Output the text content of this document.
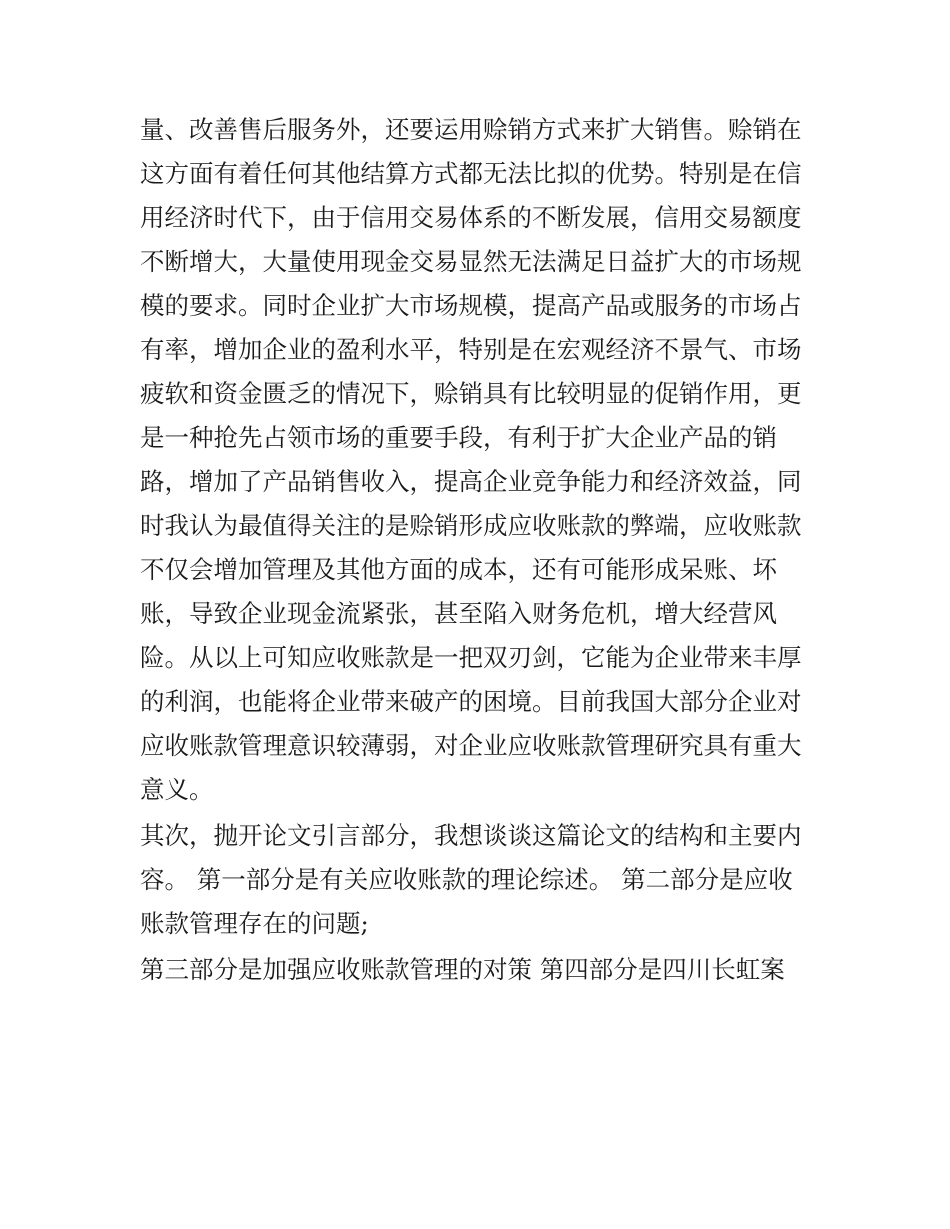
量、改善售后服务外，还要运用赊销方式来扩大销售。赊销在

这方面有着任何其他结算方式都无法比拟的优势。特别是在信

用经济时代下，由于信用交易体系的不断发展，信用交易额度

不断增大，大量使用现金交易显然无法满足日益扩大的市场规

模的要求。同时企业扩大市场规模，提高产品或服务的市场占

有率，增加企业的盈利水平，特别是在宏观经济不景气、市场

疲软和资金匮乏的情况下，赊销具有比较明显的促销作用，更

是一种抢先占领市场的重要手段，有利于扩大企业产品的销

路，增加了产品销售收入，提高企业竞争能力和经济效益，同

时我认为最值得关注的是赊销形成应收账款的弊端，应收账款

不仅会增加管理及其他方面的成本，还有可能形成呆账、坏

账，导致企业现金流紧张，甚至陷入财务危机，增大经营风

险。从以上可知应收账款是一把双刃剑，它能为企业带来丰厚

的利润，也能将企业带来破产的困境。目前我国大部分企业对

应收账款管理意识较薄弱，对企业应收账款管理研究具有重大

意义。

其次，抛开论文引言部分，我想谈谈这篇论文的结构和主要内

容。 第一部分是有关应收账款的理论综述。 第二部分是应收

账款管理存在的问题;

第三部分是加强应收账款管理的对策 第四部分是四川长虹案
